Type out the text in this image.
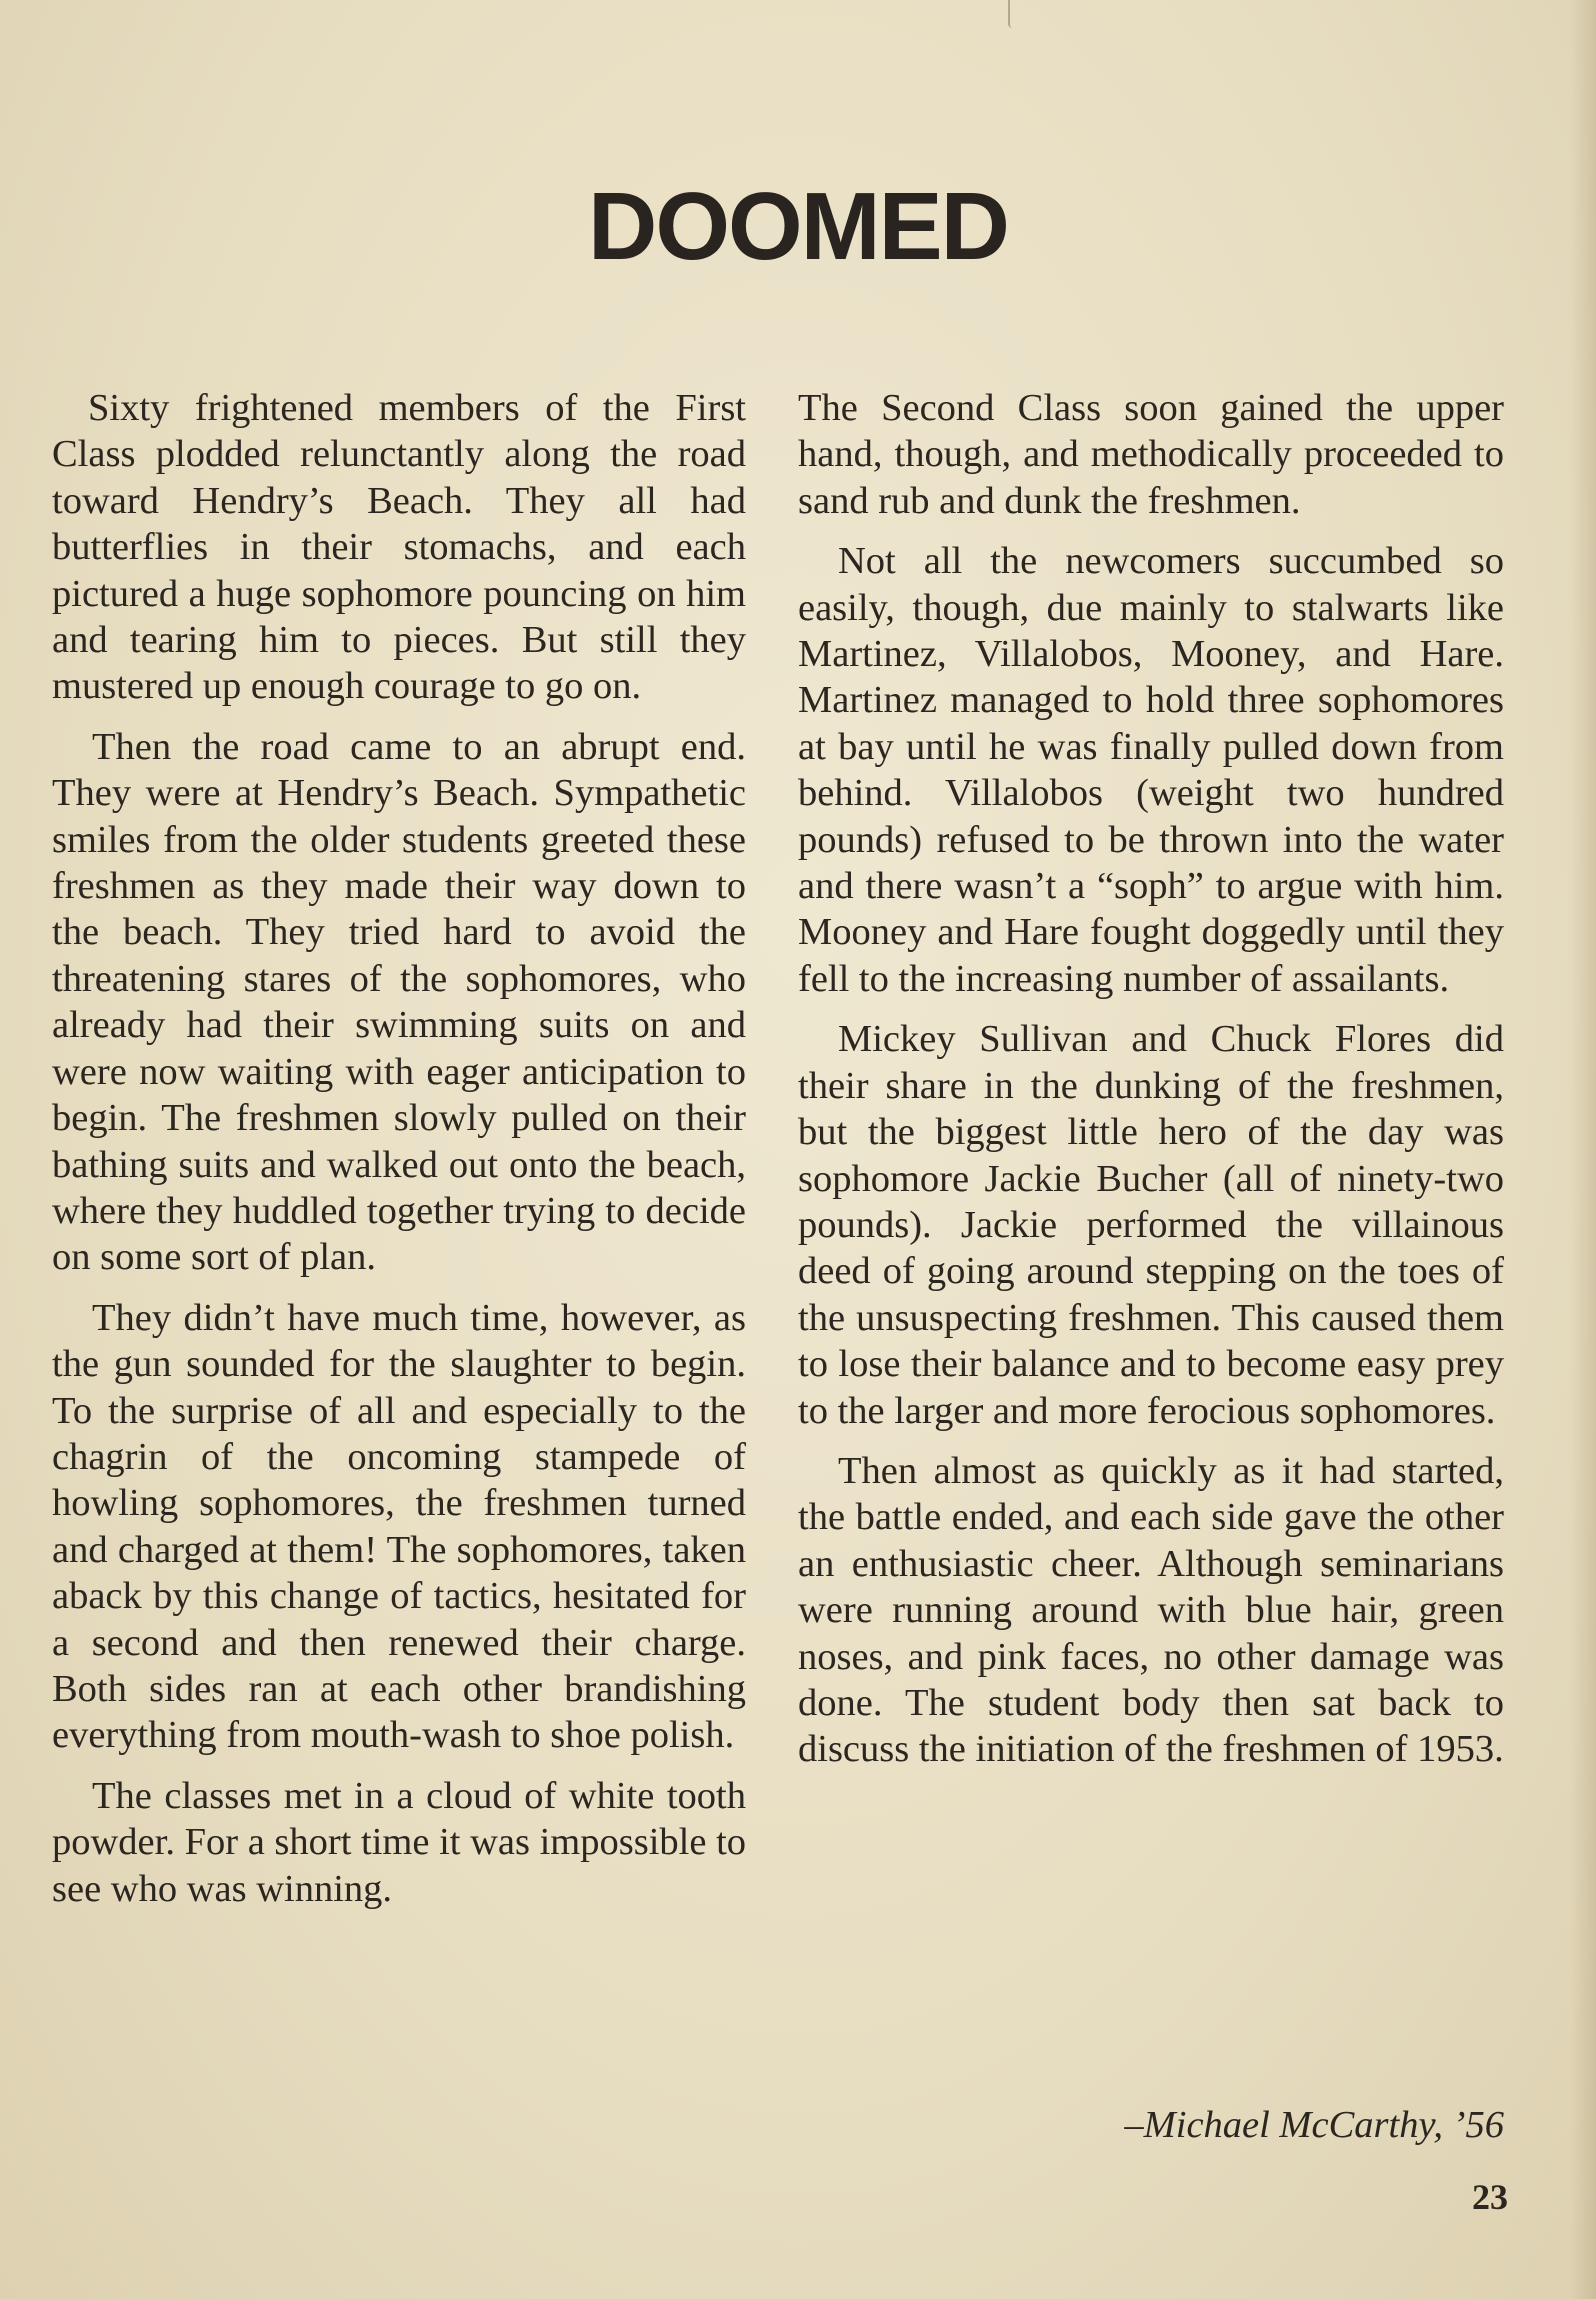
DOOMED

Sixty frightened members of the First Class plodded relunctantly along the road toward Hendry’s Beach. They all had butterflies in their stomachs, and each pictured a huge sophomore pouncing on him and tearing him to pieces. But still they mustered up enough courage to go on.

Then the road came to an abrupt end. They were at Hendry’s Beach. Sympathetic smiles from the older students greeted these freshmen as they made their way down to the beach. They tried hard to avoid the threatening stares of the sophomores, who already had their swimming suits on and were now waiting with eager anticipation to begin. The freshmen slowly pulled on their bathing suits and walked out onto the beach, where they huddled together trying to decide on some sort of plan.

They didn’t have much time, however, as the gun sounded for the slaughter to begin. To the surprise of all and especially to the chagrin of the oncoming stampede of howling sophomores, the freshmen turned and charged at them! The sophomores, taken aback by this change of tactics, hesitated for a second and then renewed their charge. Both sides ran at each other brandishing everything from mouth-wash to shoe polish.

The classes met in a cloud of white tooth powder. For a short time it was impossible to see who was winning.

The Second Class soon gained the upper hand, though, and methodically proceeded to sand rub and dunk the freshmen.

Not all the newcomers succumbed so easily, though, due mainly to stalwarts like Martinez, Villalobos, Mooney, and Hare. Martinez managed to hold three sophomores at bay until he was finally pulled down from behind. Villalobos (weight two hundred pounds) refused to be thrown into the water and there wasn’t a “soph” to argue with him. Mooney and Hare fought doggedly until they fell to the increasing number of assailants.

Mickey Sullivan and Chuck Flores did their share in the dunking of the freshmen, but the biggest little hero of the day was sophomore Jackie Bucher (all of ninety-two pounds). Jackie performed the villainous deed of going around stepping on the toes of the unsuspecting freshmen. This caused them to lose their balance and to become easy prey to the larger and more ferocious sophomores.

Then almost as quickly as it had started, the battle ended, and each side gave the other an enthusiastic cheer. Although seminarians were running around with blue hair, green noses, and pink faces, no other damage was done. The student body then sat back to discuss the initiation of the freshmen of 1953.

–Michael McCarthy, ’56
23
